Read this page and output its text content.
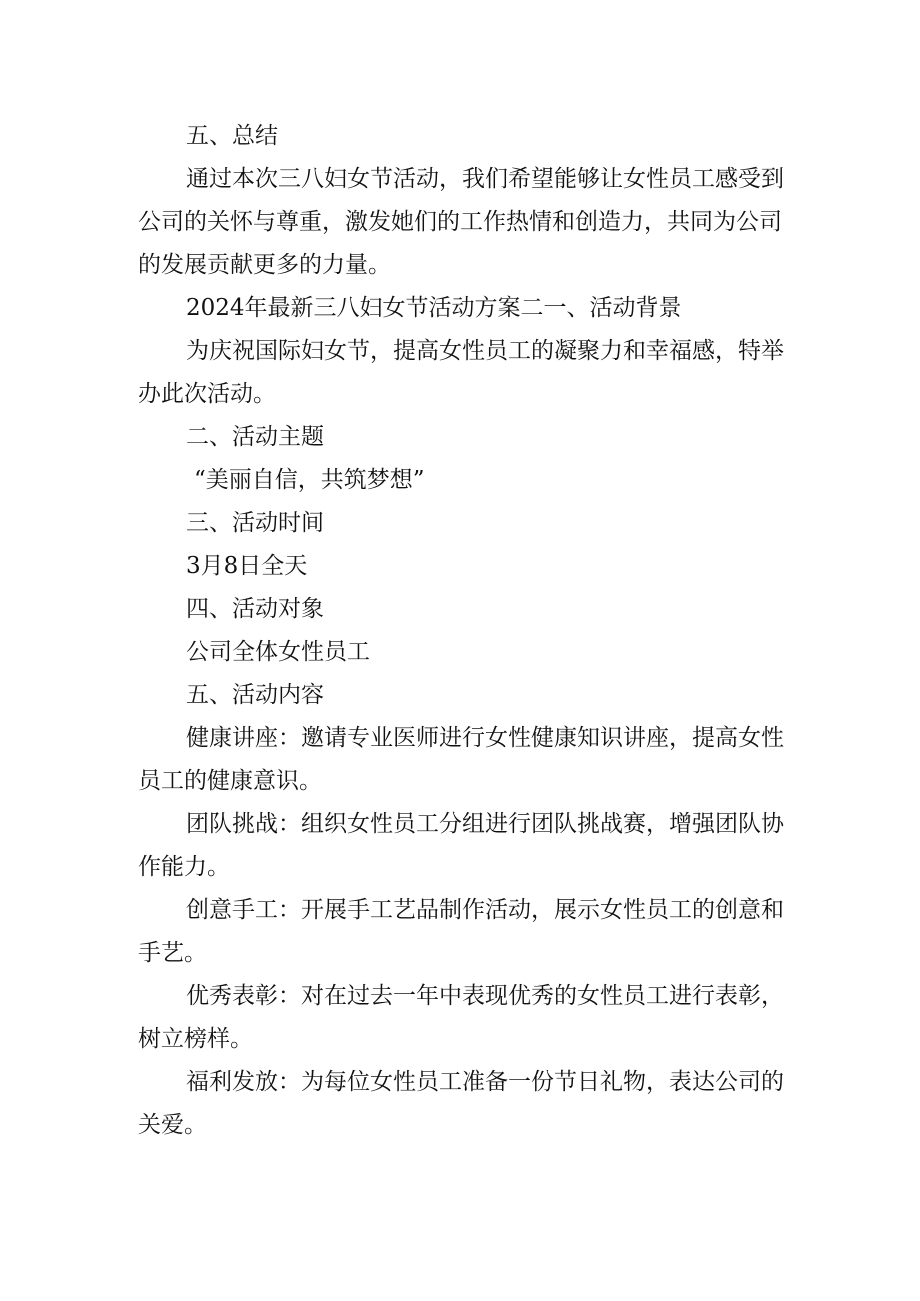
五、总结

通过本次三八妇女节活动，我们希望能够让女性员工感受到公司的关怀与尊重，激发她们的工作热情和创造力，共同为公司的发展贡献更多的力量。

2024年最新三八妇女节活动方案二一、活动背景

为庆祝国际妇女节，提高女性员工的凝聚力和幸福感，特举办此次活动。

二、活动主题

“美丽自信，共筑梦想”

三、活动时间

3月8日全天

四、活动对象

公司全体女性员工

五、活动内容

健康讲座：邀请专业医师进行女性健康知识讲座，提高女性员工的健康意识。

团队挑战：组织女性员工分组进行团队挑战赛，增强团队协作能力。

创意手工：开展手工艺品制作活动，展示女性员工的创意和手艺。

优秀表彰：对在过去一年中表现优秀的女性员工进行表彰，树立榜样。

福利发放：为每位女性员工准备一份节日礼物，表达公司的关爱。
